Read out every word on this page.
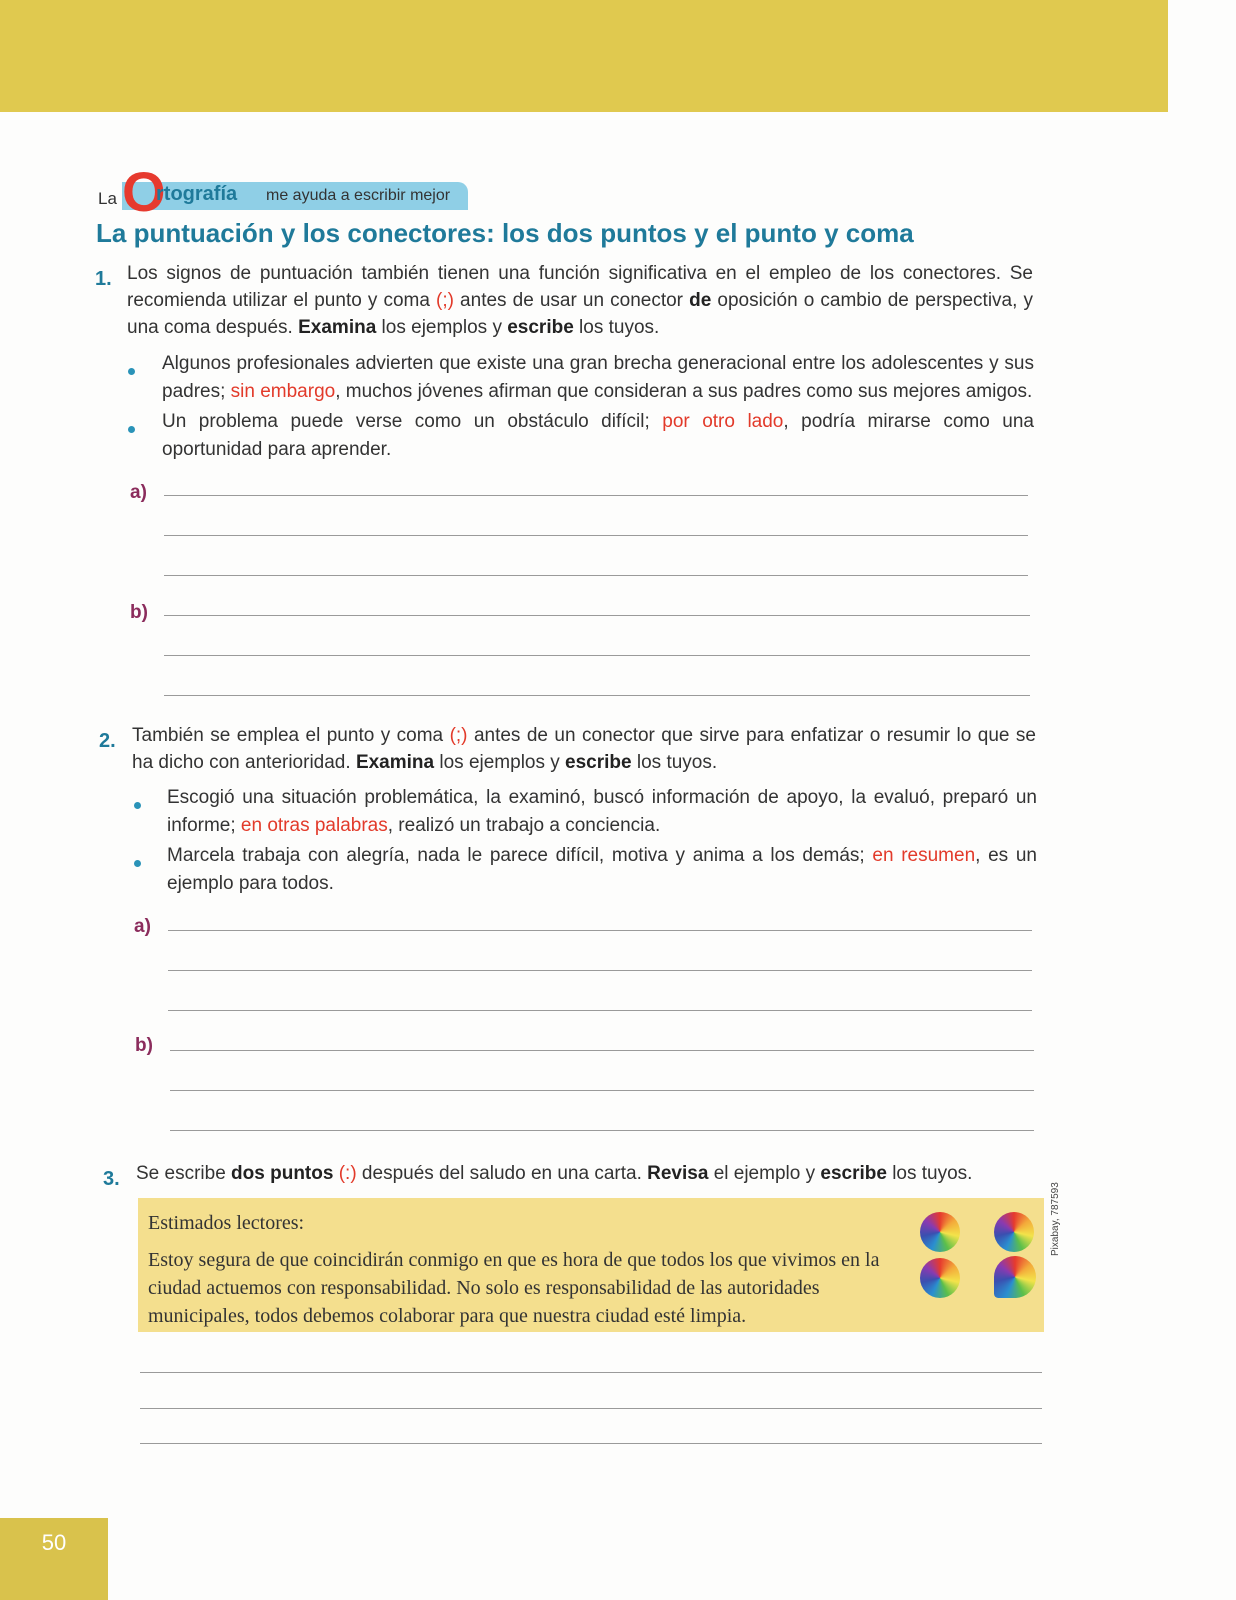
La O
rtografía me ayuda a escribir mejor
La puntuación y los conectores: los dos puntos y el punto y coma
1. Los signos de puntuación también tienen una función significativa en el empleo de los conectores. Se recomienda utilizar el punto y coma (;) antes de usar un conector de oposición o cambio de perspectiva, y una coma después. Examina los ejemplos y escribe los tuyos.
Algunos profesionales advierten que existe una gran brecha generacional entre los adolescentes y sus padres; sin embargo, muchos jóvenes afirman que consideran a sus padres como sus mejores amigos.
Un problema puede verse como un obstáculo difícil; por otro lado, podría mirarse como una oportunidad para aprender.
a)
b)
2. También se emplea el punto y coma (;) antes de un conector que sirve para enfatizar o resumir lo que se ha dicho con anterioridad. Examina los ejemplos y escribe los tuyos.
Escogió una situación problemática, la examinó, buscó información de apoyo, la evaluó, preparó un informe; en otras palabras, realizó un trabajo a conciencia.
Marcela trabaja con alegría, nada le parece difícil, motiva y anima a los demás; en resumen, es un ejemplo para todos.
a)
b)
3. Se escribe dos puntos (:) después del saludo en una carta. Revisa el ejemplo y escribe los tuyos.
Estimados lectores:
Estoy segura de que coincidirán conmigo en que es hora de que todos los que vivimos en la ciudad actuemos con responsabilidad. No solo es responsabilidad de las autoridades municipales, todos debemos colaborar para que nuestra ciudad esté limpia.
Pixabay, 787593
50
